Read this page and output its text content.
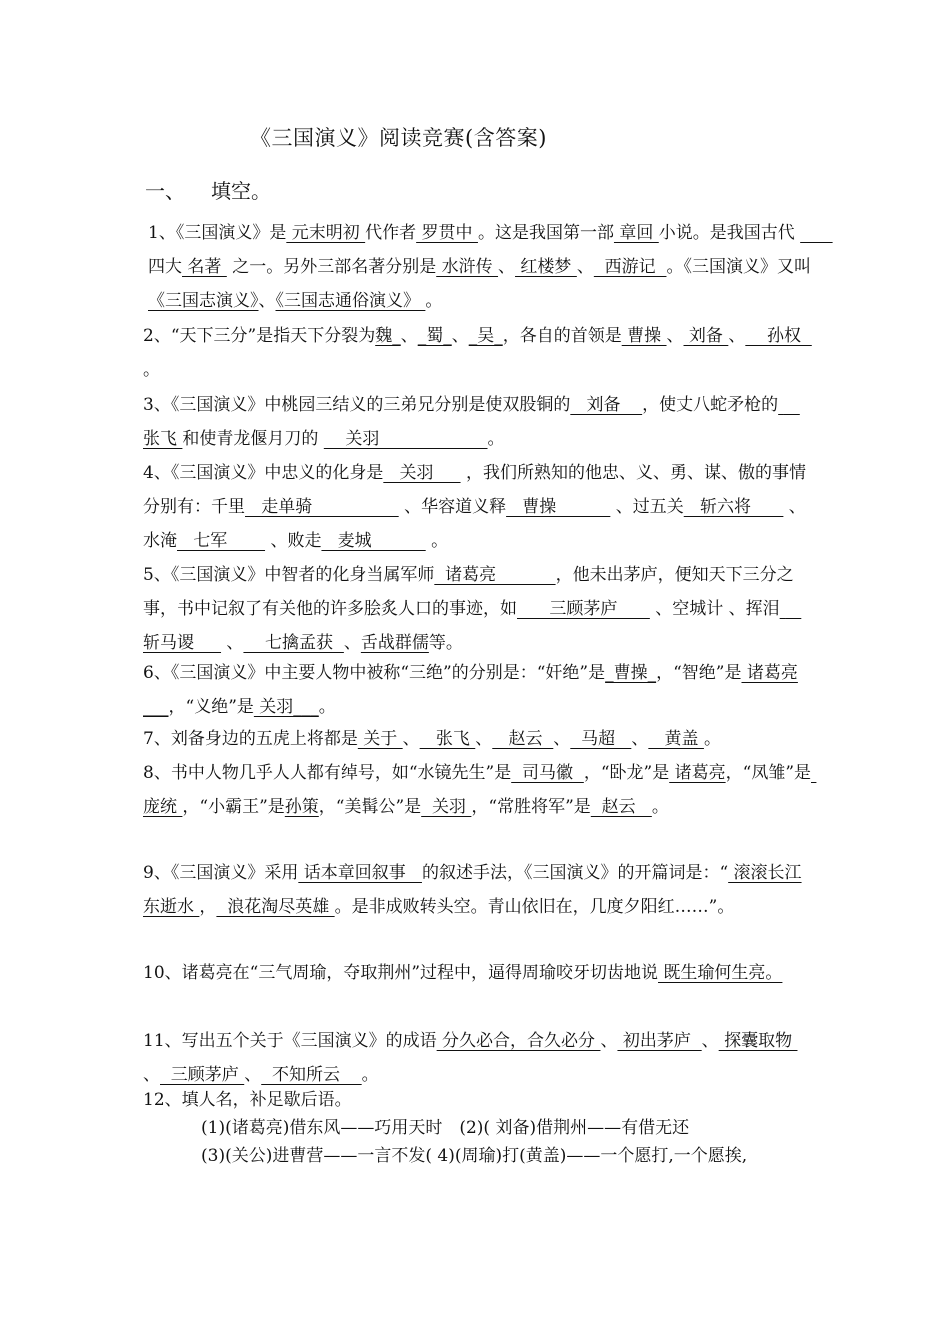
《三国演义》阅读竞赛(含答案)
一、 填空。
1、《三国演义》是 元末明初 代作者 罗贯中 。这是我国第一部 章回 小说。是我国古代       四大 名著  之一。另外三部名著分别是 水浒传 、 红楼梦 、  西游记  。《三国演义》又叫《三国志演义》、《三国志通俗演义》 。
2、“天下三分”是指天下分裂为魏_、_蜀_、_吴_，各自的首领是 曹操 、 刘备 、    孙权  。
3、《三国演义》中桃园三结义的三弟兄分别是使双股铜的   刘备    ，使丈八蛇矛枪的    张飞 和使青龙偃月刀的     关羽                    。
4、《三国演义》中忠义的化身是   关羽      ，我们所熟知的他忠、义、勇、谋、傲的事情分别有：千里   走单骑                 、华容道义释   曹操           、过五关   斩六将       、水淹   七军        、败走   麦城           。
5、《三国演义》中智者的化身当属军师  诸葛亮           ，他未出茅庐，便知天下三分之事，书中记叙了有关他的许多脍炙人口的事迹，如      三顾茅庐       、空城计 、挥泪    斩马谡      、    七擒孟获  、舌战群儒等。
6、《三国演义》中主要人物中被称“三绝”的分别是：“奸绝”是_曹操_，“智绝”是 诸葛亮___，“义绝”是 关羽___。
7、刘备身边的五虎上将都是 关于 、   张飞 、   赵云  、  马超   、   黄盖 。
8、书中人物几乎人人都有绰号，如“水镜先生”是  司马徽  ，“卧龙”是 诸葛亮，“凤雏”是 庞统 ，“小霸王”是孙策，“美髯公”是  关羽 ，“常胜将军”是  赵云   。
9、《三国演义》采用 话本章回叙事   的叙述手法，《三国演义》的开篇词是：“ 滚滚长江东逝水 ，  浪花淘尽英雄 。是非成败转头空。青山依旧在，几度夕阳红……”。
10、诸葛亮在“三气周瑜，夺取荆州”过程中，逼得周瑜咬牙切齿地说 既生瑜何生亮。
11、写出五个关于《三国演义》的成语 分久必合，合久必分 、 初出茅庐  、 探囊取物 、  三顾茅庐 、  不知所云    。
12、填人名，补足歇后语。
(1)(诸葛亮)借东风——巧用天时　(2)( 刘备)借荆州——有借无还
(3)(关公)进曹营——一言不发( 4)(周瑜)打(黄盖)——一个愿打,一个愿挨,
